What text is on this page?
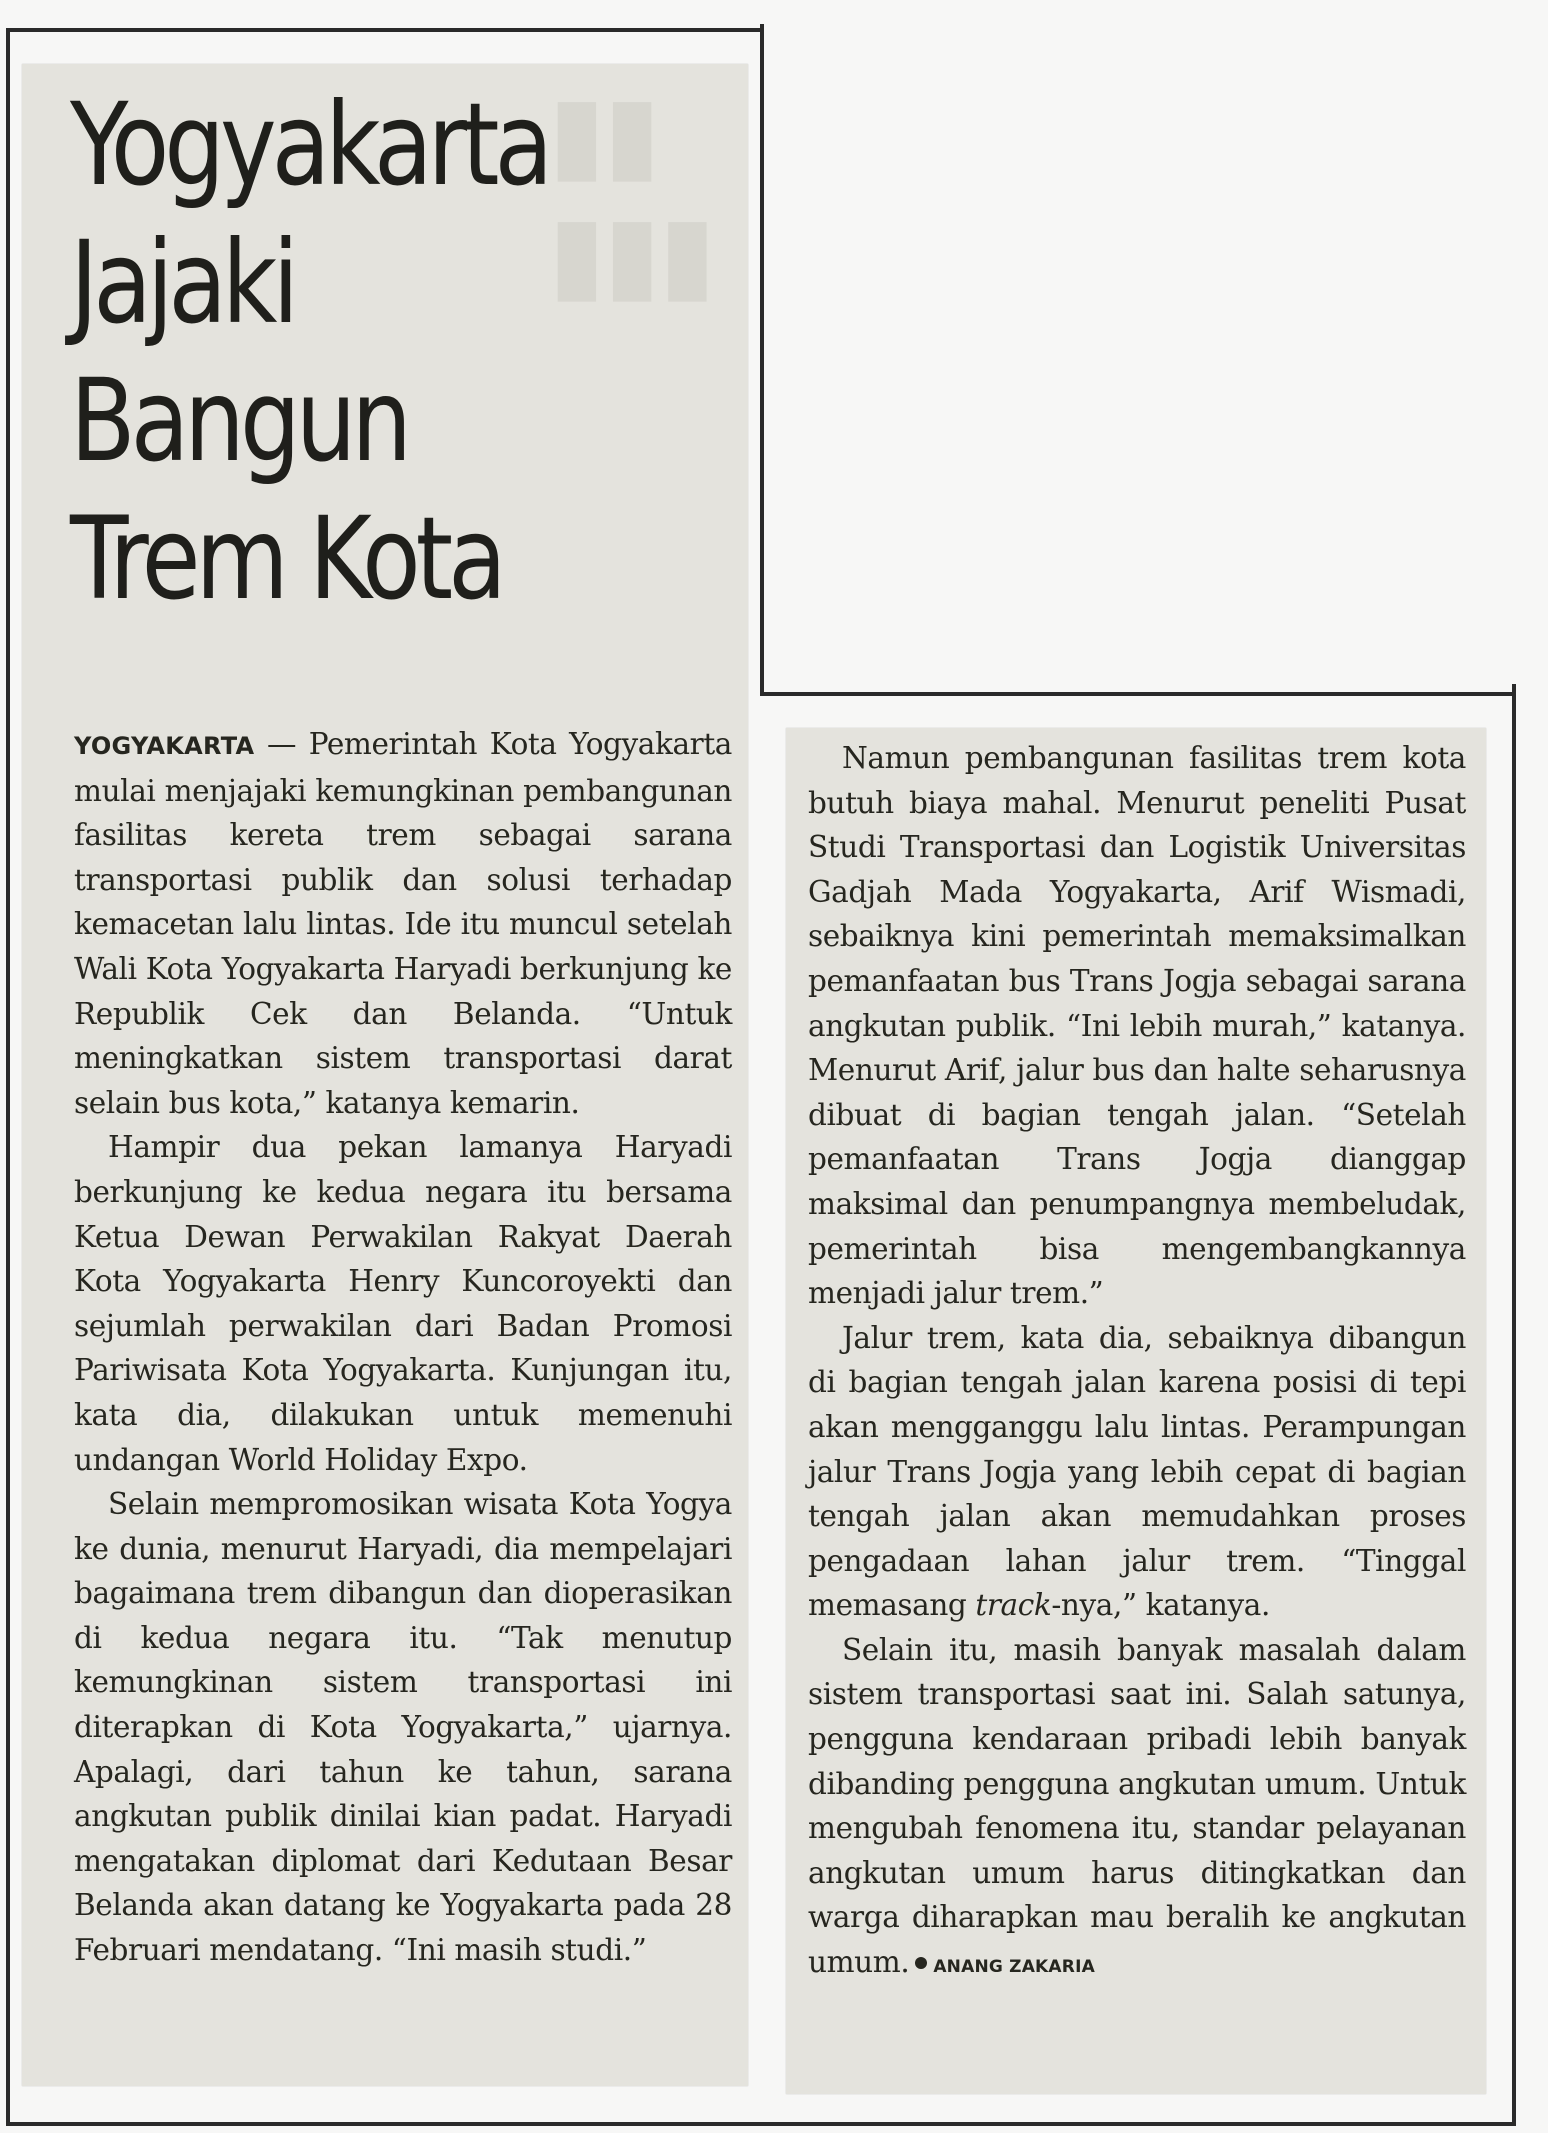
▮▮
▮▮▮
Yogyakarta
Jajaki
Bangun
Trem Kota

YOGYAKARTA — Pemerintah Kota Yogyakarta mulai menjajaki kemungkinan pembangunan fasilitas kereta trem sebagai sarana transportasi publik dan solusi terhadap kemacetan lalu lintas. Ide itu muncul setelah Wali Kota Yogyakarta Haryadi berkunjung ke Republik Cek dan Belanda. “Untuk meningkatkan sistem transportasi darat selain bus kota,” katanya kemarin.

Hampir dua pekan lamanya Haryadi berkunjung ke kedua negara itu bersama Ketua Dewan Perwakilan Rakyat Daerah Kota Yogyakarta Henry Kuncoroyekti dan sejumlah perwakilan dari Badan Promosi Pariwisata Kota Yogyakarta. Kunjungan itu, kata dia, dilakukan untuk memenuhi undangan World Holiday Expo.

Selain mempromosikan wisata Kota Yogya ke dunia, menurut Haryadi, dia mempelajari bagaimana trem dibangun dan dioperasikan di kedua negara itu. “Tak menutup kemungkinan sistem transportasi ini diterapkan di Kota Yogyakarta,” ujarnya. Apalagi, dari tahun ke tahun, sarana angkutan publik dinilai kian padat. Haryadi mengatakan diplomat dari Kedutaan Besar Belanda akan datang ke Yogyakarta pada 28 Februari mendatang. “Ini masih studi.”

Namun pembangunan fasilitas trem kota butuh biaya mahal. Menurut peneliti Pusat Studi Transportasi dan Logistik Universitas Gadjah Mada Yogyakarta, Arif Wismadi, sebaiknya kini pemerintah memaksimalkan pemanfaatan bus Trans Jogja sebagai sarana angkutan publik. “Ini lebih murah,” katanya. Menurut Arif, jalur bus dan halte seharusnya dibuat di bagian tengah jalan. “Setelah pemanfaatan Trans Jogja dianggap maksimal dan penumpangnya membeludak, pemerintah bisa mengembangkannya menjadi jalur trem.”

Jalur trem, kata dia, sebaiknya dibangun di bagian tengah jalan karena posisi di tepi akan mengganggu lalu lintas. Perampungan jalur Trans Jogja yang lebih cepat di bagian tengah jalan akan memudahkan proses pengadaan lahan jalur trem. “Tinggal memasang track-nya,” katanya.

Selain itu, masih banyak masalah dalam sistem transportasi saat ini. Salah satunya, pengguna kendaraan pribadi lebih banyak dibanding pengguna angkutan umum. Untuk mengubah fenomena itu, standar pelayanan angkutan umum harus ditingkatkan dan warga diharapkan mau beralih ke angkutan umum. ANANG ZAKARIA
